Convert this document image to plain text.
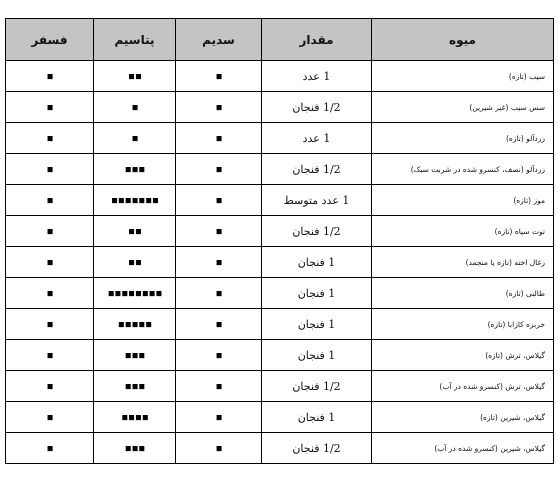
میوه	مقدار	سدیم	پتاسیم	فسفر
سیب (تازه)	1 عدد	▪	▪▪	▪
سس سیب (غیر شیرین)	1/2 فنجان	▪	▪	▪
زردآلو (تازه)	1 عدد	▪	▪	▪
زردآلو (نصف، کنسرو شده در شربت سبک)	1/2 فنجان	▪	▪▪▪	▪
موز (تازه)	1 عدد متوسط	▪	▪▪▪▪▪▪▪	▪
توت سیاه (تازه)	1/2 فنجان	▪	▪▪	▪
زغال اخته (تازه یا منجمد)	1 فنجان	▪	▪▪	▪
طالبی (تازه)	1 فنجان	▪	▪▪▪▪▪▪▪▪	▪
خربزه کازابا (تازه)	1 فنجان	▪	▪▪▪▪▪	▪
گیلاس، ترش (تازه)	1 فنجان	▪	▪▪▪	▪
گیلاس، ترش (کنسرو شده در آب)	1/2 فنجان	▪	▪▪▪	▪
گیلاس، شیرین (تازه)	1 فنجان	▪	▪▪▪▪	▪
گیلاس، شیرین (کنسرو شده در آب)	1/2 فنجان	▪	▪▪▪	▪
